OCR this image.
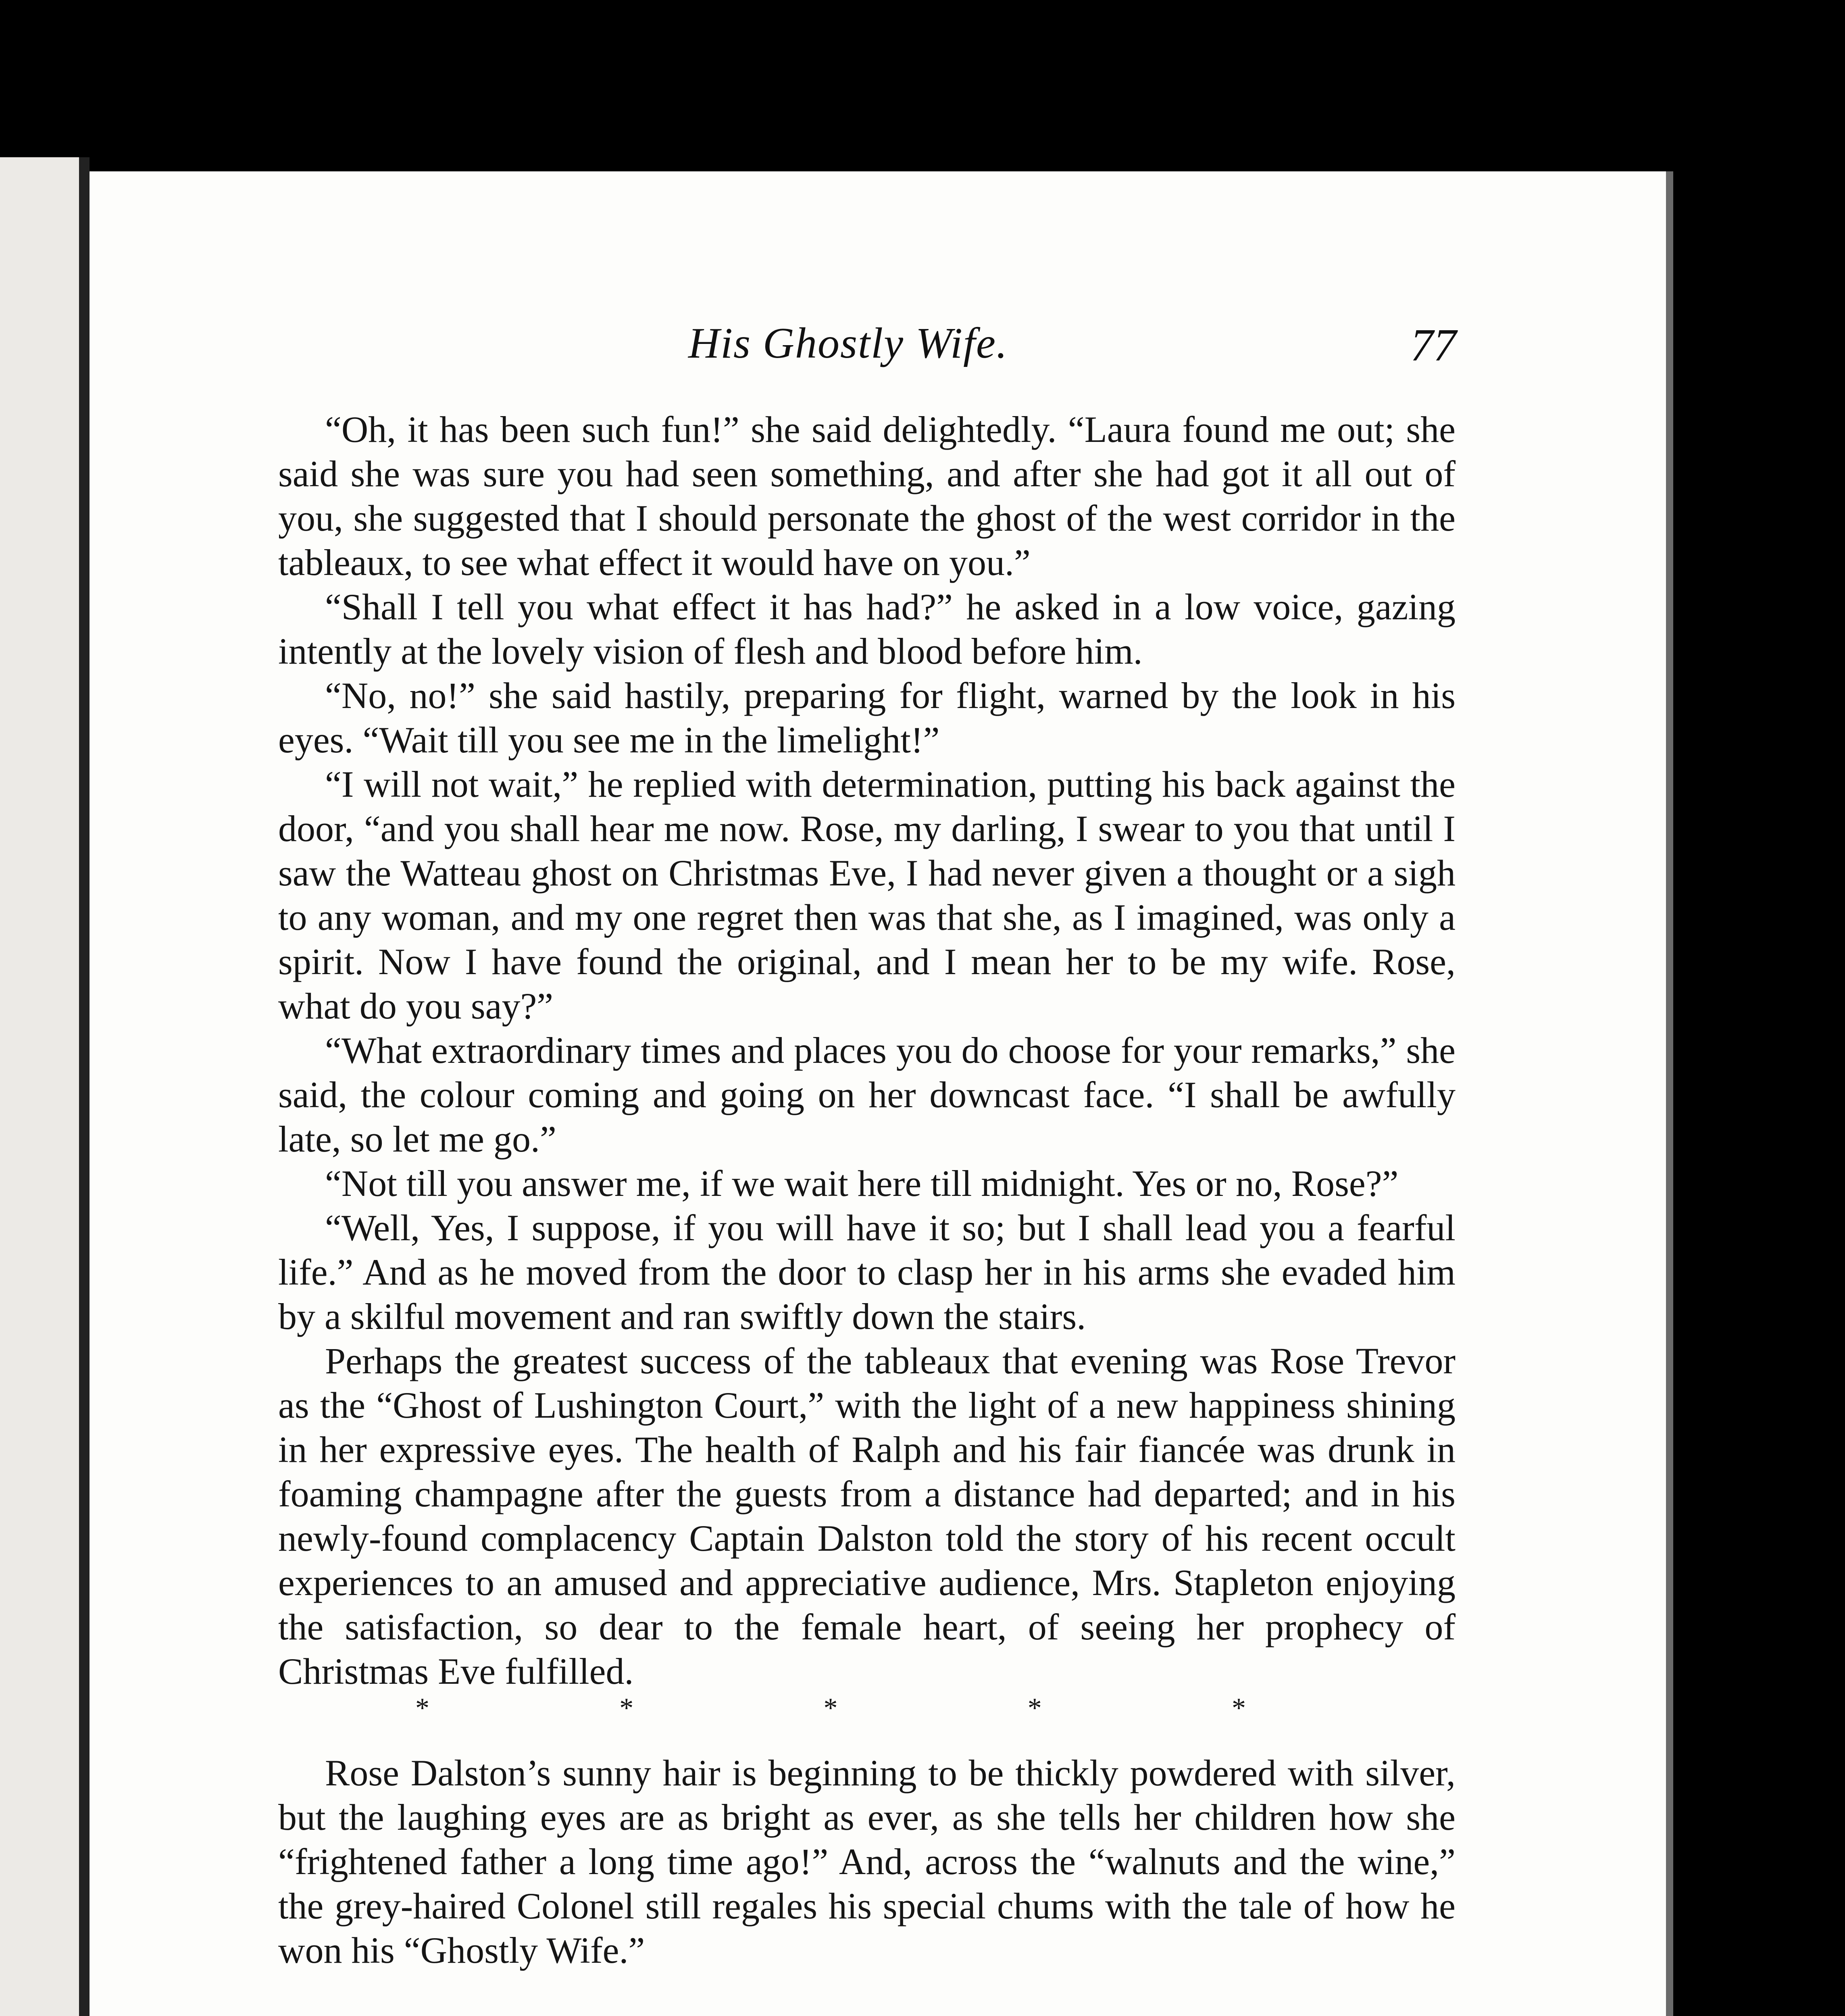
His Ghostly Wife.	77

“Oh, it has been such fun!” she said delightedly. “Laura found me out; she said she was sure you had seen something, and after she had got it all out of you, she suggested that I should personate the ghost of the west corridor in the tableaux, to see what effect it would have on you.”

“Shall I tell you what effect it has had?” he asked in a low voice, gazing intently at the lovely vision of flesh and blood before him.

“No, no!” she said hastily, preparing for flight, warned by the look in his eyes. “Wait till you see me in the limelight!”

“I will not wait,” he replied with determination, putting his back against the door, “and you shall hear me now. Rose, my darling, I swear to you that until I saw the Watteau ghost on Christmas Eve, I had never given a thought or a sigh to any woman, and my one regret then was that she, as I imagined, was only a spirit. Now I have found the original, and I mean her to be my wife. Rose, what do you say?”

“What extraordinary times and places you do choose for your remarks,” she said, the colour coming and going on her downcast face. “I shall be awfully late, so let me go.”

“Not till you answer me, if we wait here till midnight. Yes or no, Rose?”

“Well, Yes, I suppose, if you will have it so; but I shall lead you a fearful life.” And as he moved from the door to clasp her in his arms she evaded him by a skilful movement and ran swiftly down the stairs.

Perhaps the greatest success of the tableaux that evening was Rose Trevor as the “Ghost of Lushington Court,” with the light of a new happiness shining in her expressive eyes. The health of Ralph and his fair fiancée was drunk in foaming champagne after the guests from a distance had departed; and in his newly-found complacency Captain Dalston told the story of his recent occult experiences to an amused and appreciative audience, Mrs. Stapleton enjoying the satisfaction, so dear to the female heart, of seeing her prophecy of Christmas Eve fulfilled.

*	*	*	*	*

Rose Dalston’s sunny hair is beginning to be thickly powdered with silver, but the laughing eyes are as bright as ever, as she tells her children how she “frightened father a long time ago!” And, across the “walnuts and the wine,” the grey-haired Colonel still regales his special chums with the tale of how he won his “Ghostly Wife.”
